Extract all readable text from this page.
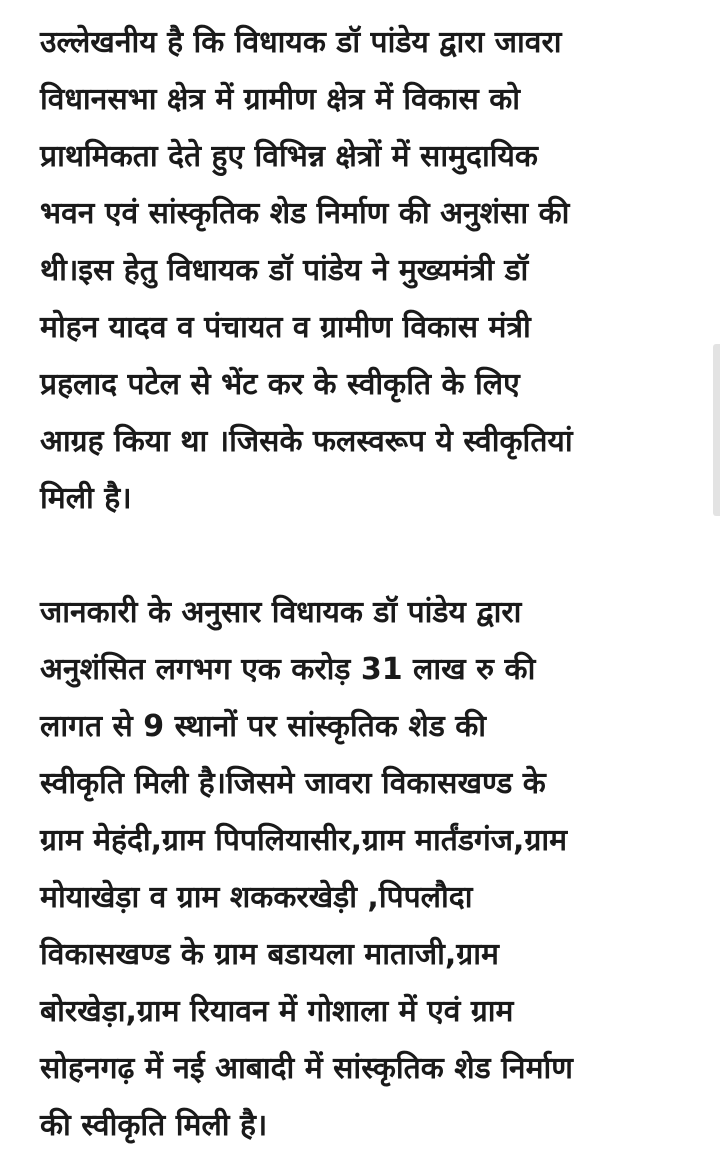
उल्लेखनीय है कि विधायक डॉ पांडेय द्वारा जावरा
विधानसभा क्षेत्र में ग्रामीण क्षेत्र में विकास को
प्राथमिकता देते हुए विभिन्न क्षेत्रों में सामुदायिक
भवन एवं सांस्कृतिक शेड निर्माण की अनुशंसा की
थी।इस हेतु विधायक डॉ पांडेय ने मुख्यमंत्री डॉ
मोहन यादव व पंचायत व ग्रामीण विकास मंत्री
प्रहलाद पटेल से भेंट कर के स्वीकृति के लिए
आग्रह किया था ।जिसके फलस्वरूप ये स्वीकृतियां
मिली है।

जानकारी के अनुसार विधायक डॉ पांडेय द्वारा
अनुशंसित लगभग एक करोड़ 31 लाख रु की
लागत से 9 स्थानों पर सांस्कृतिक शेड की
स्वीकृति मिली है।जिसमे जावरा विकासखण्ड के
ग्राम मेहंदी,ग्राम पिपलियासीर,ग्राम मार्तंडगंज,ग्राम
मोयाखेड़ा व ग्राम शककरखेड़ी ,पिपलौदा
विकासखण्ड के ग्राम बडायला माताजी,ग्राम
बोरखेड़ा,ग्राम रियावन में गोशाला में एवं ग्राम
सोहनगढ़ में नई आबादी में सांस्कृतिक शेड निर्माण
की स्वीकृति मिली है।
